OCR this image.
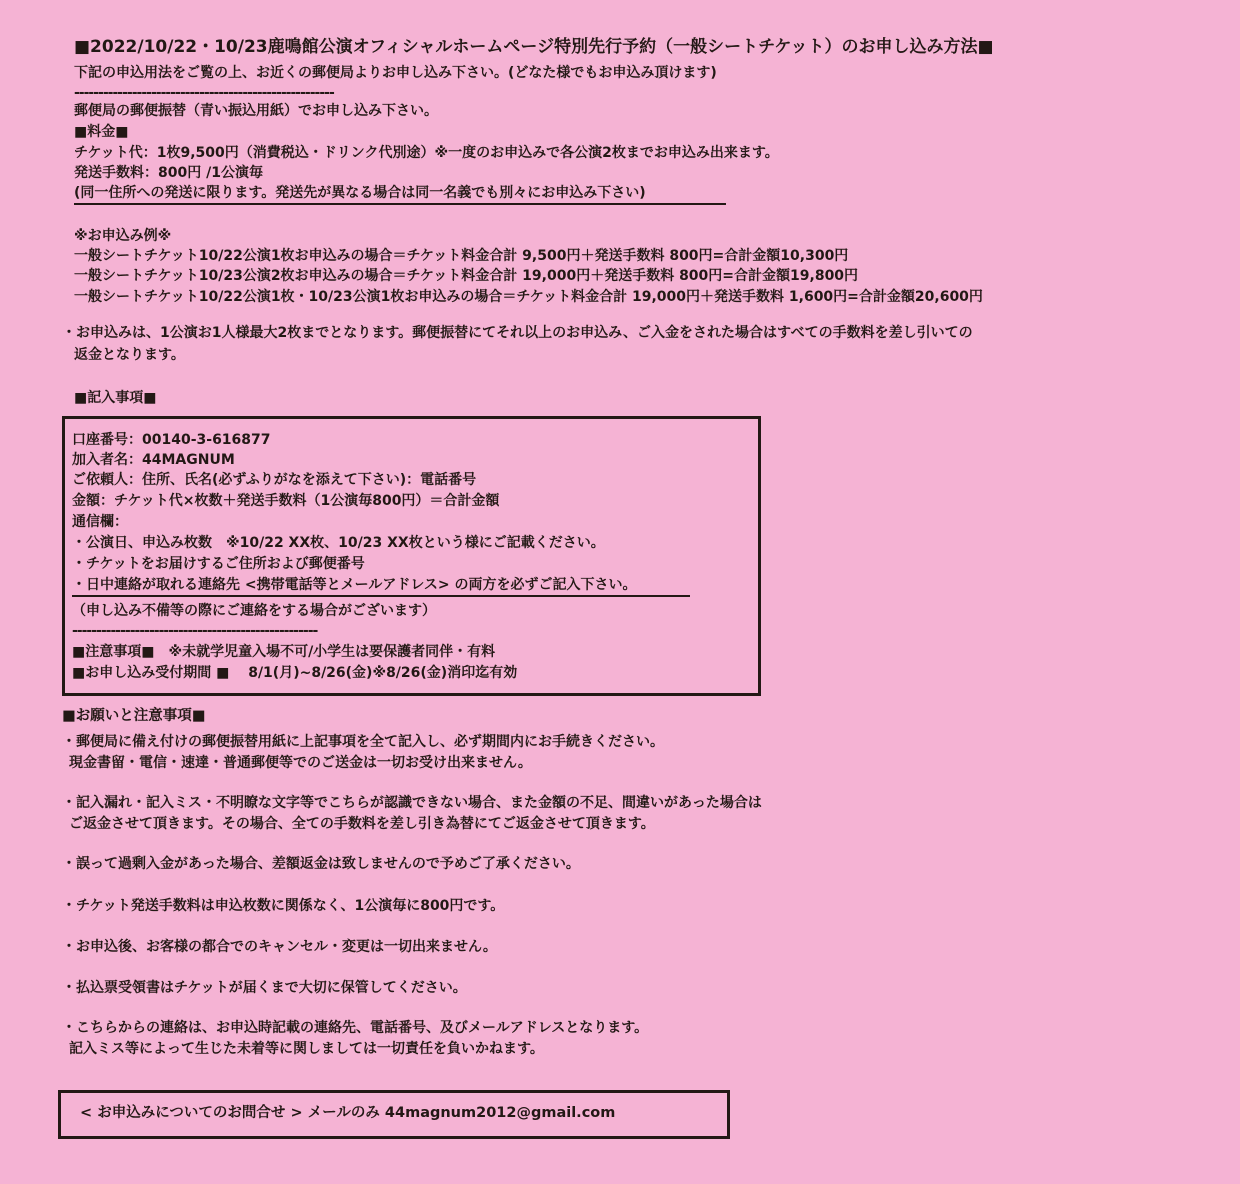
■2022/10/22・10/23鹿鳴館公演オフィシャルホームページ特別先行予約（一般シートチケット）のお申し込み方法■

下記の申込用法をご覧の上、お近くの郵便局よりお申し込み下さい。(どなた様でもお申込み頂けます)

------------------------------------------------------

郵便局の郵便振替（青い振込用紙）でお申し込み下さい。

■料金■

チケット代：1枚9,500円（消費税込・ドリンク代別途）※一度のお申込みで各公演2枚までお申込み出来ます。

発送手数料：800円 /1公演毎

(同一住所への発送に限ります。発送先が異なる場合は同一名義でも別々にお申込み下さい)

※お申込み例※

一般シートチケット10/22公演1枚お申込みの場合＝チケット料金合計 9,500円＋発送手数料 800円=合計金額10,300円

一般シートチケット10/23公演2枚お申込みの場合＝チケット料金合計 19,000円＋発送手数料 800円=合計金額19,800円

一般シートチケット10/22公演1枚・10/23公演1枚お申込みの場合＝チケット料金合計 19,000円＋発送手数料 1,600円=合計金額20,600円

・お申込みは、1公演お1人様最大2枚までとなります。郵便振替にてそれ以上のお申込み、ご入金をされた場合はすべての手数料を差し引いての

返金となります。

■記入事項■

口座番号：00140-3-616877

加入者名：44MAGNUM

ご依頼人：住所、氏名(必ずふりがなを添えて下さい)：電話番号

金額：チケット代×枚数＋発送手数料（1公演毎800円）＝合計金額

通信欄：

・公演日、申込み枚数　※10/22 XX枚、10/23 XX枚という様にご記載ください。

・チケットをお届けするご住所および郵便番号

・日中連絡が取れる連絡先 <携帯電話等とメールアドレス> の両方を必ずご記入下さい。

（申し込み不備等の際にご連絡をする場合がございます）

---------------------------------------------------

■注意事項■　※未就学児童入場不可/小学生は要保護者同伴・有料

■お申し込み受付期間 ■　 8/1(月)~8/26(金)※8/26(金)消印迄有効

■お願いと注意事項■

・郵便局に備え付けの郵便振替用紙に上記事項を全て記入し、必ず期間内にお手続きください。

現金書留・電信・速達・普通郵便等でのご送金は一切お受け出来ません。

・記入漏れ・記入ミス・不明瞭な文字等でこちらが認識できない場合、また金額の不足、間違いがあった場合は

ご返金させて頂きます。その場合、全ての手数料を差し引き為替にてご返金させて頂きます。

・誤って過剰入金があった場合、差額返金は致しませんので予めご了承ください。

・チケット発送手数料は申込枚数に関係なく、1公演毎に800円です。

・お申込後、お客様の都合でのキャンセル・変更は一切出来ません。

・払込票受領書はチケットが届くまで大切に保管してください。

・こちらからの連絡は、お申込時記載の連絡先、電話番号、及びメールアドレスとなります。

記入ミス等によって生じた未着等に関しましては一切責任を負いかねます。

< お申込みについてのお問合せ > メールのみ 44magnum2012@gmail.com
